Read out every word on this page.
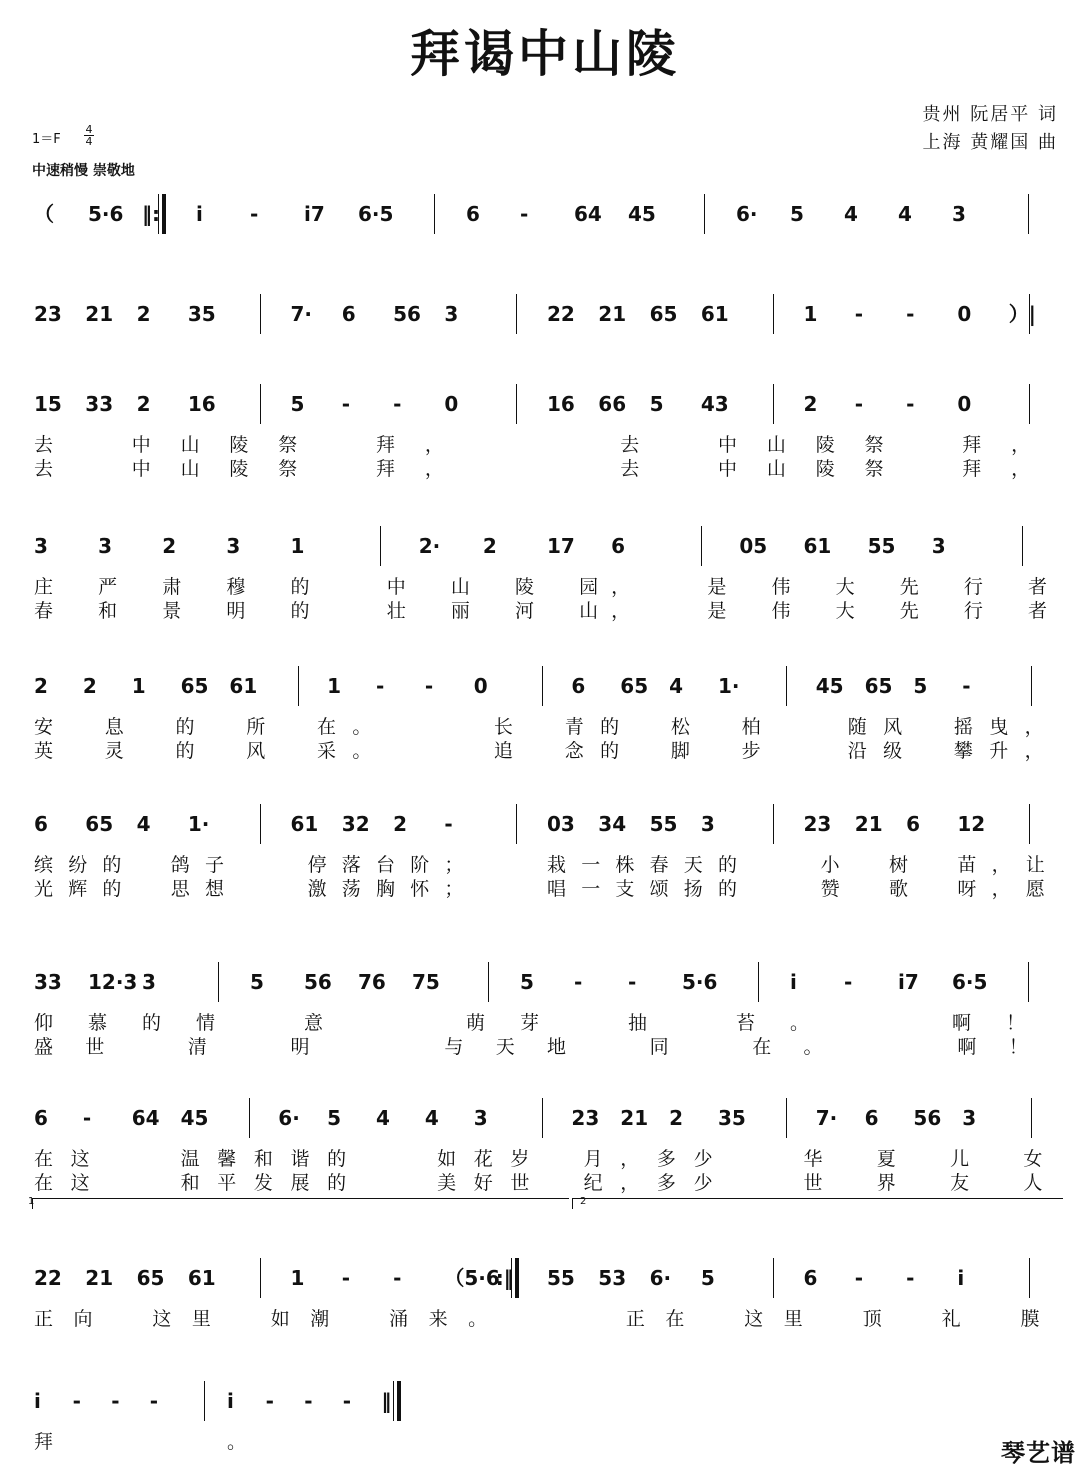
拜谒中山陵
贵州 阮居平 词
上海 黄耀国 曲
1＝F
4
4
中速稍慢 崇敬地
（ 5·6 ‖: i - i7 6·5	6 - 64 45	6· 5 4 4 3
23 21 2 35	7· 6 56 3	22 21 65 61	1 - - 0 ）|
15 33 2 16	5 - - 0	16 66 5 43	2 - - 0
去	中 山 陵 祭	拜 ，	去	中 山 陵 祭	拜 ，
去	中 山 陵 祭	拜 ，	去	中 山 陵 祭	拜 ，
3	3	2	3	1	2· 2	17 6	05 61 55 3
庄 严 肃 穆 的	中 山 陵 园 ，	是 伟 大 先 行 者
春 和 景 明 的	壮 丽 河 山 ，	是 伟 大 先 行 者
2 2 1 65 61	1 - - 0	6 65 4 1·	45 65 5 -
安	息	的	所	在 。	长	青 的	松	柏	随 风	摇 曳 ，
英	灵	的	风	采 。	追	念 的	脚	步	沿 级	攀 升 ，
6 65 4 1·	61 32 2 -	03 34 55 3	23 21 6 12
缤 纷 的	鸽 子	停 落 台 阶 ；	栽 一 株 春 天 的	小	树	苗 ， 让
光 辉 的	思 想	激 荡 胸 怀 ；	唱 一 支 颂 扬 的	赞	歌	呀 ， 愿
33 12·3 3	5 56 76 75	5 - - 5·6	i - i7 6·5
仰 慕 的 情	意	萌 芽	抽	苔 。	啊 ！
盛 世	清	明	与 天 地	同	在 。	啊 ！
6 - 64 45	6· 5 4 4 3	23 21 2 35	7· 6 56 3
在 这	温 馨 和 谐 的	如 花 岁	月 ， 多 少	华	夏	儿	女
在 这	和 平 发 展 的	美 好 世	纪 ， 多 少	世	界	友	人
22 21 65 61	1 - - （5·6
:‖ 55 53 6· 5	6 - - i
正 向	这 里	如 潮	涌 来 。	正 在	这 里	顶	礼	膜
i - - -	i - - - ‖
拜	。
1	2
琴艺谱
